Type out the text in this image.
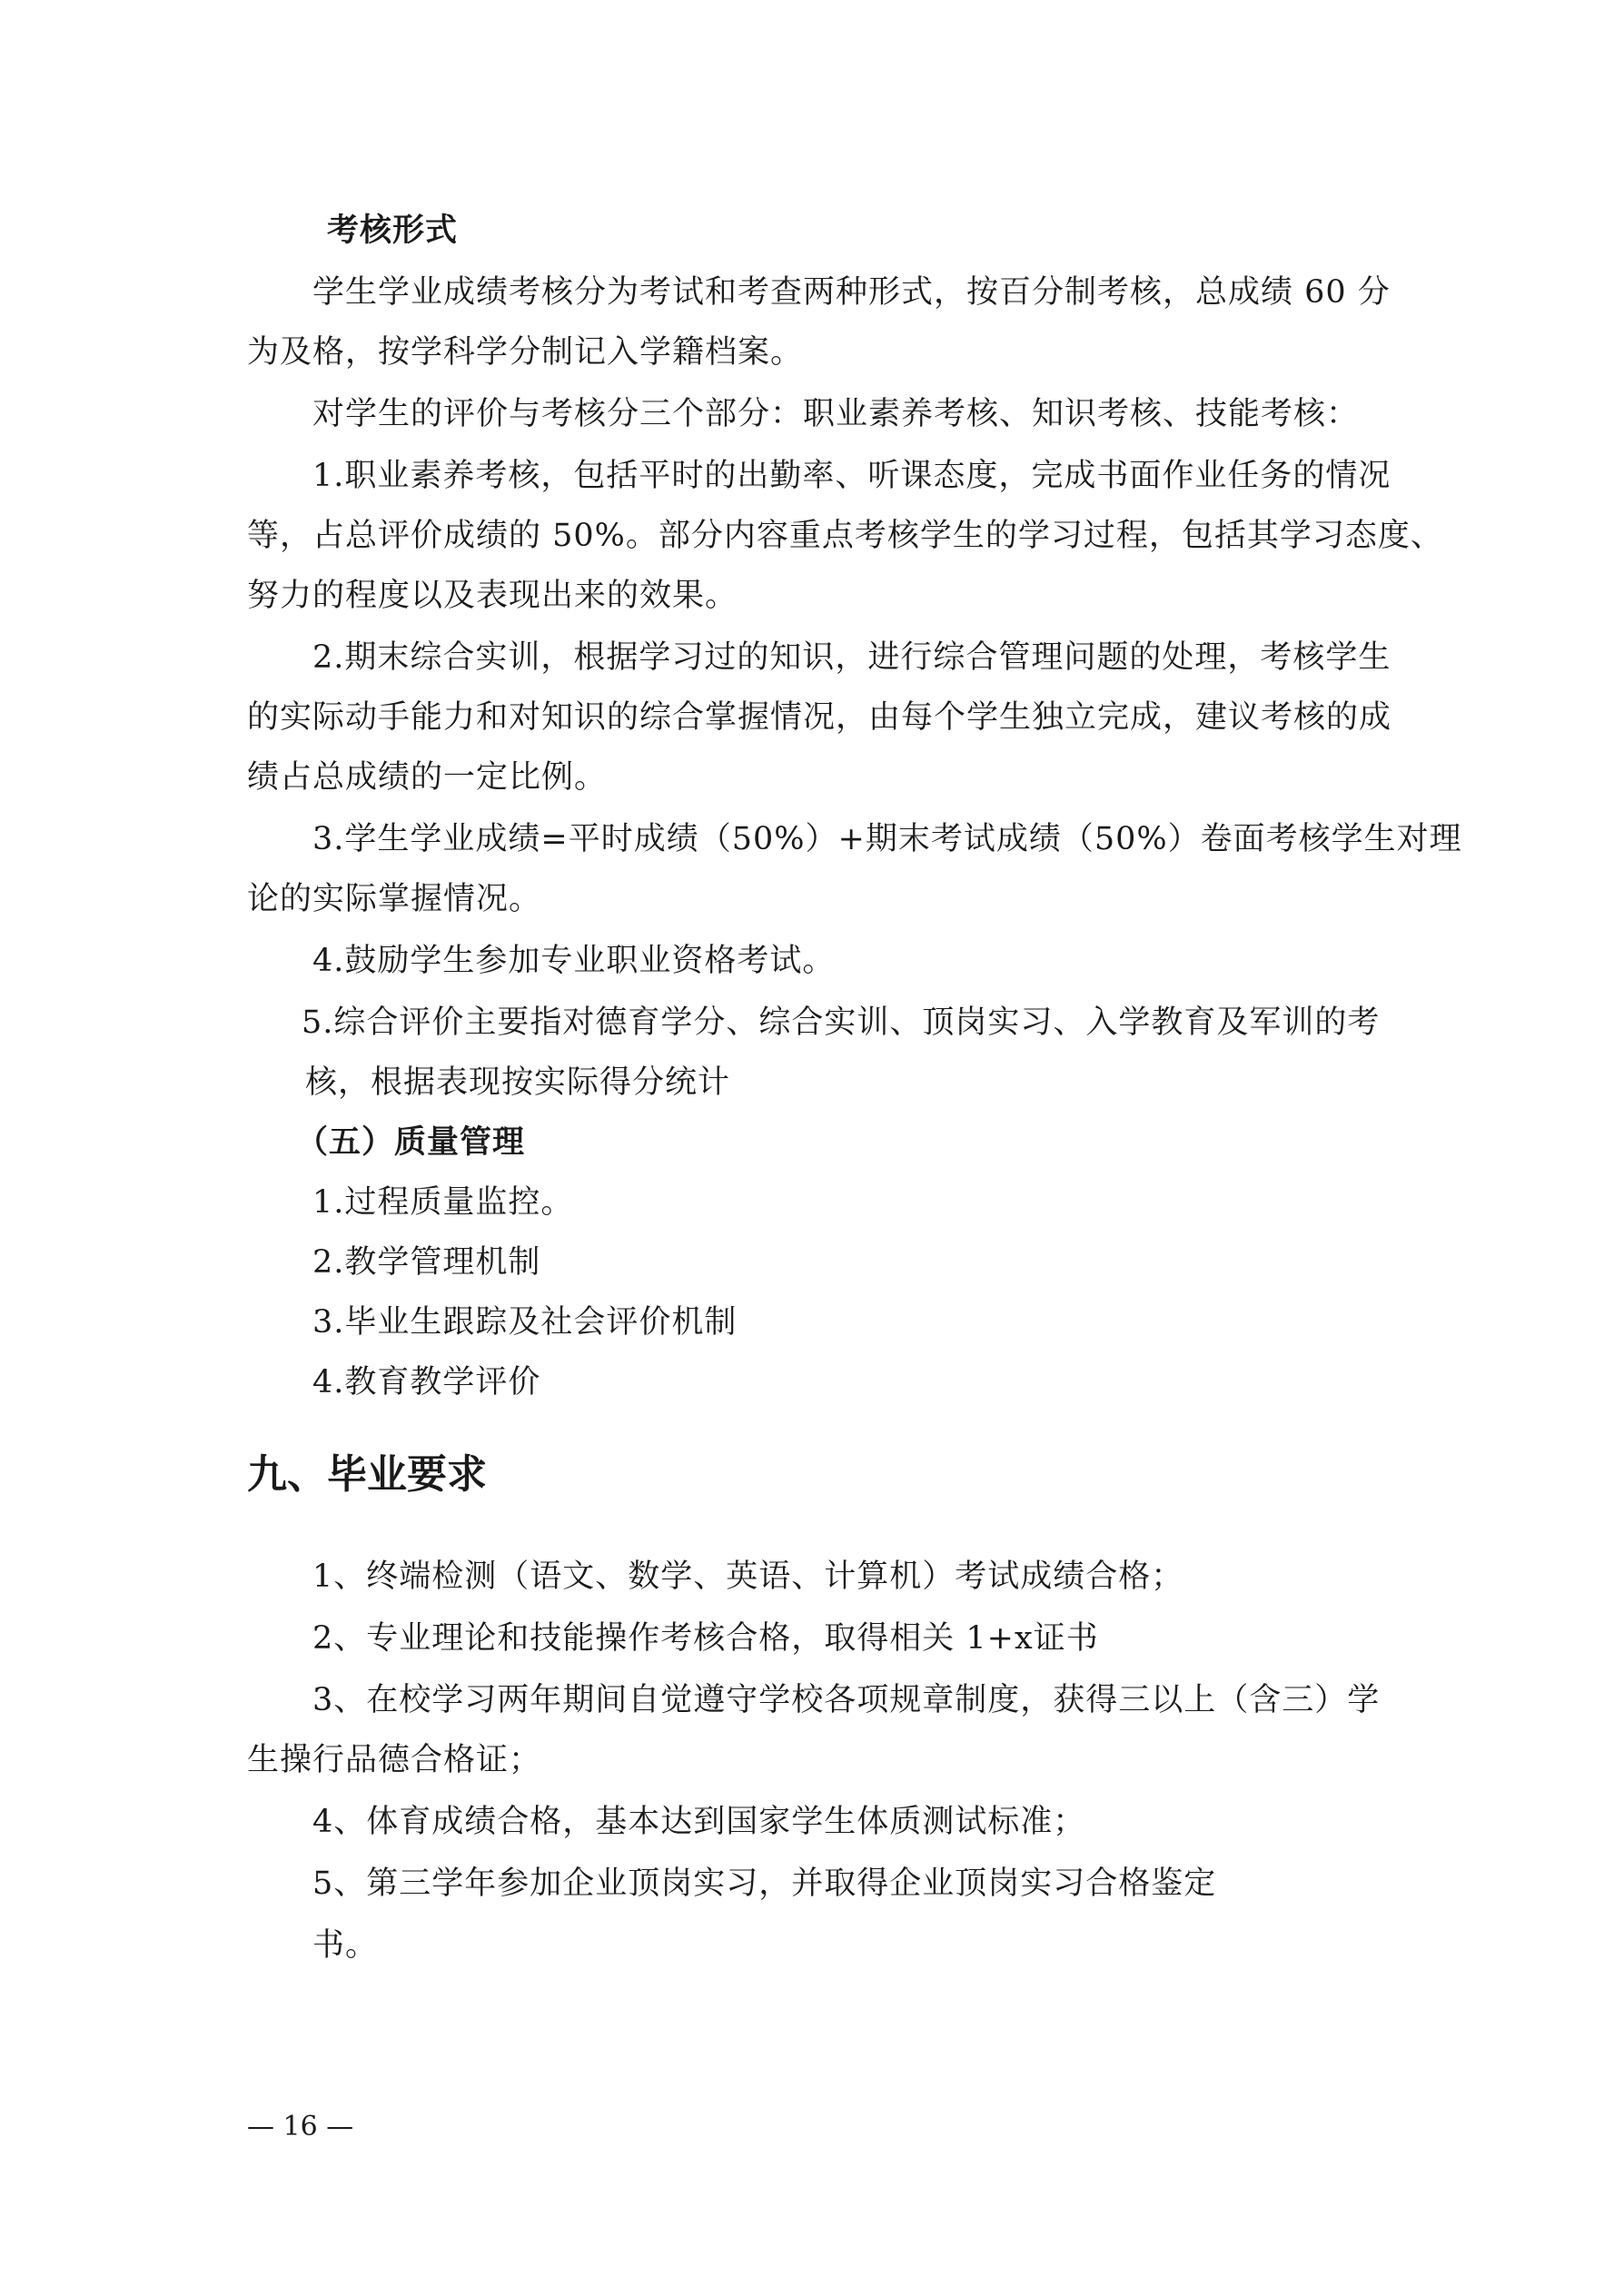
考核形式
学生学业成绩考核分为考试和考查两种形式，按百分制考核，总成绩 60 分
为及格，按学科学分制记入学籍档案。
对学生的评价与考核分三个部分：职业素养考核、知识考核、技能考核：
1.职业素养考核，包括平时的出勤率、听课态度，完成书面作业任务的情况
等，占总评价成绩的 50%。部分内容重点考核学生的学习过程，包括其学习态度、
努力的程度以及表现出来的效果。
2.期末综合实训，根据学习过的知识，进行综合管理问题的处理，考核学生
的实际动手能力和对知识的综合掌握情况，由每个学生独立完成，建议考核的成
绩占总成绩的一定比例。
3.学生学业成绩=平时成绩（50%）+期末考试成绩（50%）卷面考核学生对理
论的实际掌握情况。
4.鼓励学生参加专业职业资格考试。
5.综合评价主要指对德育学分、综合实训、顶岗实习、入学教育及军训的考
核，根据表现按实际得分统计
（五）质量管理
1.过程质量监控。
2.教学管理机制
3.毕业生跟踪及社会评价机制
4.教育教学评价
九、毕业要求
1、终端检测（语文、数学、英语、计算机）考试成绩合格；
2、专业理论和技能操作考核合格，取得相关 1+x证书
3、在校学习两年期间自觉遵守学校各项规章制度，获得三以上（含三）学
生操行品德合格证；
4、体育成绩合格，基本达到国家学生体质测试标准；
5、第三学年参加企业顶岗实习，并取得企业顶岗实习合格鉴定
书。
— 16 —
